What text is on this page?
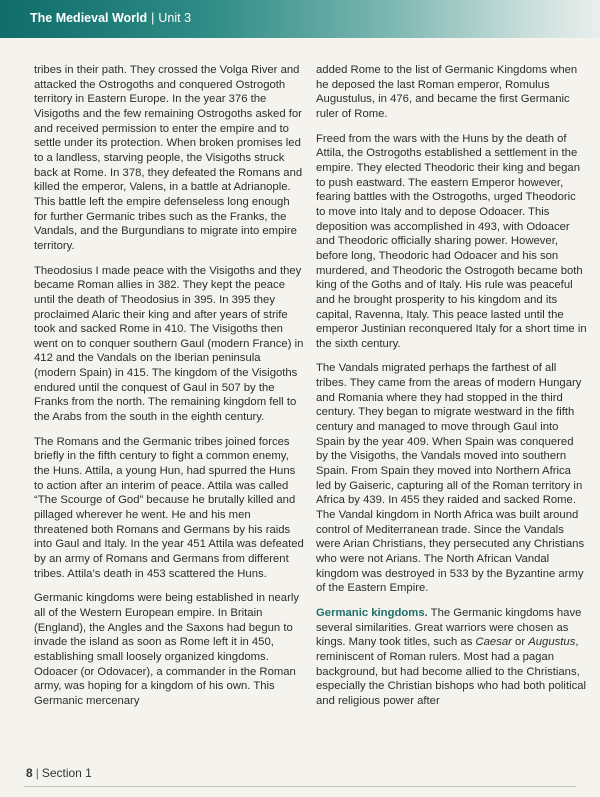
The Medieval World | Unit 3

tribes in their path. They crossed the Volga River and attacked the Ostrogoths and conquered Ostrogoth territory in Eastern Europe. In the year 376 the Visigoths and the few remaining Ostrogoths asked for and received permission to enter the empire and to settle under its protection. When broken promises led to a landless, starving people, the Visigoths struck back at Rome. In 378, they defeated the Romans and killed the emperor, Valens, in a battle at Adrianople. This battle left the empire defenseless long enough for further Germanic tribes such as the Franks, the Vandals, and the Burgundians to migrate into empire territory.

Theodosius I made peace with the Visigoths and they became Roman allies in 382. They kept the peace until the death of Theodosius in 395. In 395 they proclaimed Alaric their king and after years of strife took and sacked Rome in 410. The Visigoths then went on to conquer southern Gaul (modern France) in 412 and the Vandals on the Iberian peninsula (modern Spain) in 415. The kingdom of the Visigoths endured until the conquest of Gaul in 507 by the Franks from the north. The remaining kingdom fell to the Arabs from the south in the eighth century.

The Romans and the Germanic tribes joined forces briefly in the fifth century to fight a common enemy, the Huns. Attila, a young Hun, had spurred the Huns to action after an interim of peace. Attila was called “The Scourge of God” because he brutally killed and pillaged wherever he went. He and his men threatened both Romans and Germans by his raids into Gaul and Italy. In the year 451 Attila was defeated by an army of Romans and Germans from different tribes. Attila’s death in 453 scattered the Huns.

Germanic kingdoms were being established in nearly all of the Western European empire. In Britain (England), the Angles and the Saxons had begun to invade the island as soon as Rome left it in 450, establishing small loosely organized kingdoms. Odoacer (or Odovacer), a commander in the Roman army, was hoping for a kingdom of his own. This Germanic mercenary

added Rome to the list of Germanic Kingdoms when he deposed the last Roman emperor, Romulus Augustulus, in 476, and became the first Germanic ruler of Rome.

Freed from the wars with the Huns by the death of Attila, the Ostrogoths established a settlement in the empire. They elected Theodoric their king and began to push eastward. The eastern Emperor however, fearing battles with the Ostrogoths, urged Theodoric to move into Italy and to depose Odoacer. This deposition was accomplished in 493, with Odoacer and Theodoric officially sharing power. However, before long, Theodoric had Odoacer and his son murdered, and Theodoric the Ostrogoth became both king of the Goths and of Italy. His rule was peaceful and he brought prosperity to his kingdom and its capital, Ravenna, Italy. This peace lasted until the emperor Justinian reconquered Italy for a short time in the sixth century.

The Vandals migrated perhaps the farthest of all tribes. They came from the areas of modern Hungary and Romania where they had stopped in the third century. They began to migrate westward in the fifth century and managed to move through Gaul into Spain by the year 409. When Spain was conquered by the Visigoths, the Vandals moved into southern Spain. From Spain they moved into Northern Africa led by Gaiseric, capturing all of the Roman territory in Africa by 439. In 455 they raided and sacked Rome. The Vandal kingdom in North Africa was built around control of Mediterranean trade. Since the Vandals were Arian Christians, they persecuted any Christians who were not Arians. The North African Vandal kingdom was destroyed in 533 by the Byzantine army of the Eastern Empire.

Germanic kingdoms. The Germanic kingdoms have several similarities. Great warriors were chosen as kings. Many took titles, such as Caesar or Augustus, reminiscent of Roman rulers. Most had a pagan background, but had become allied to the Christians, especially the Christian bishops who had both political and religious power after

8 | Section 1
